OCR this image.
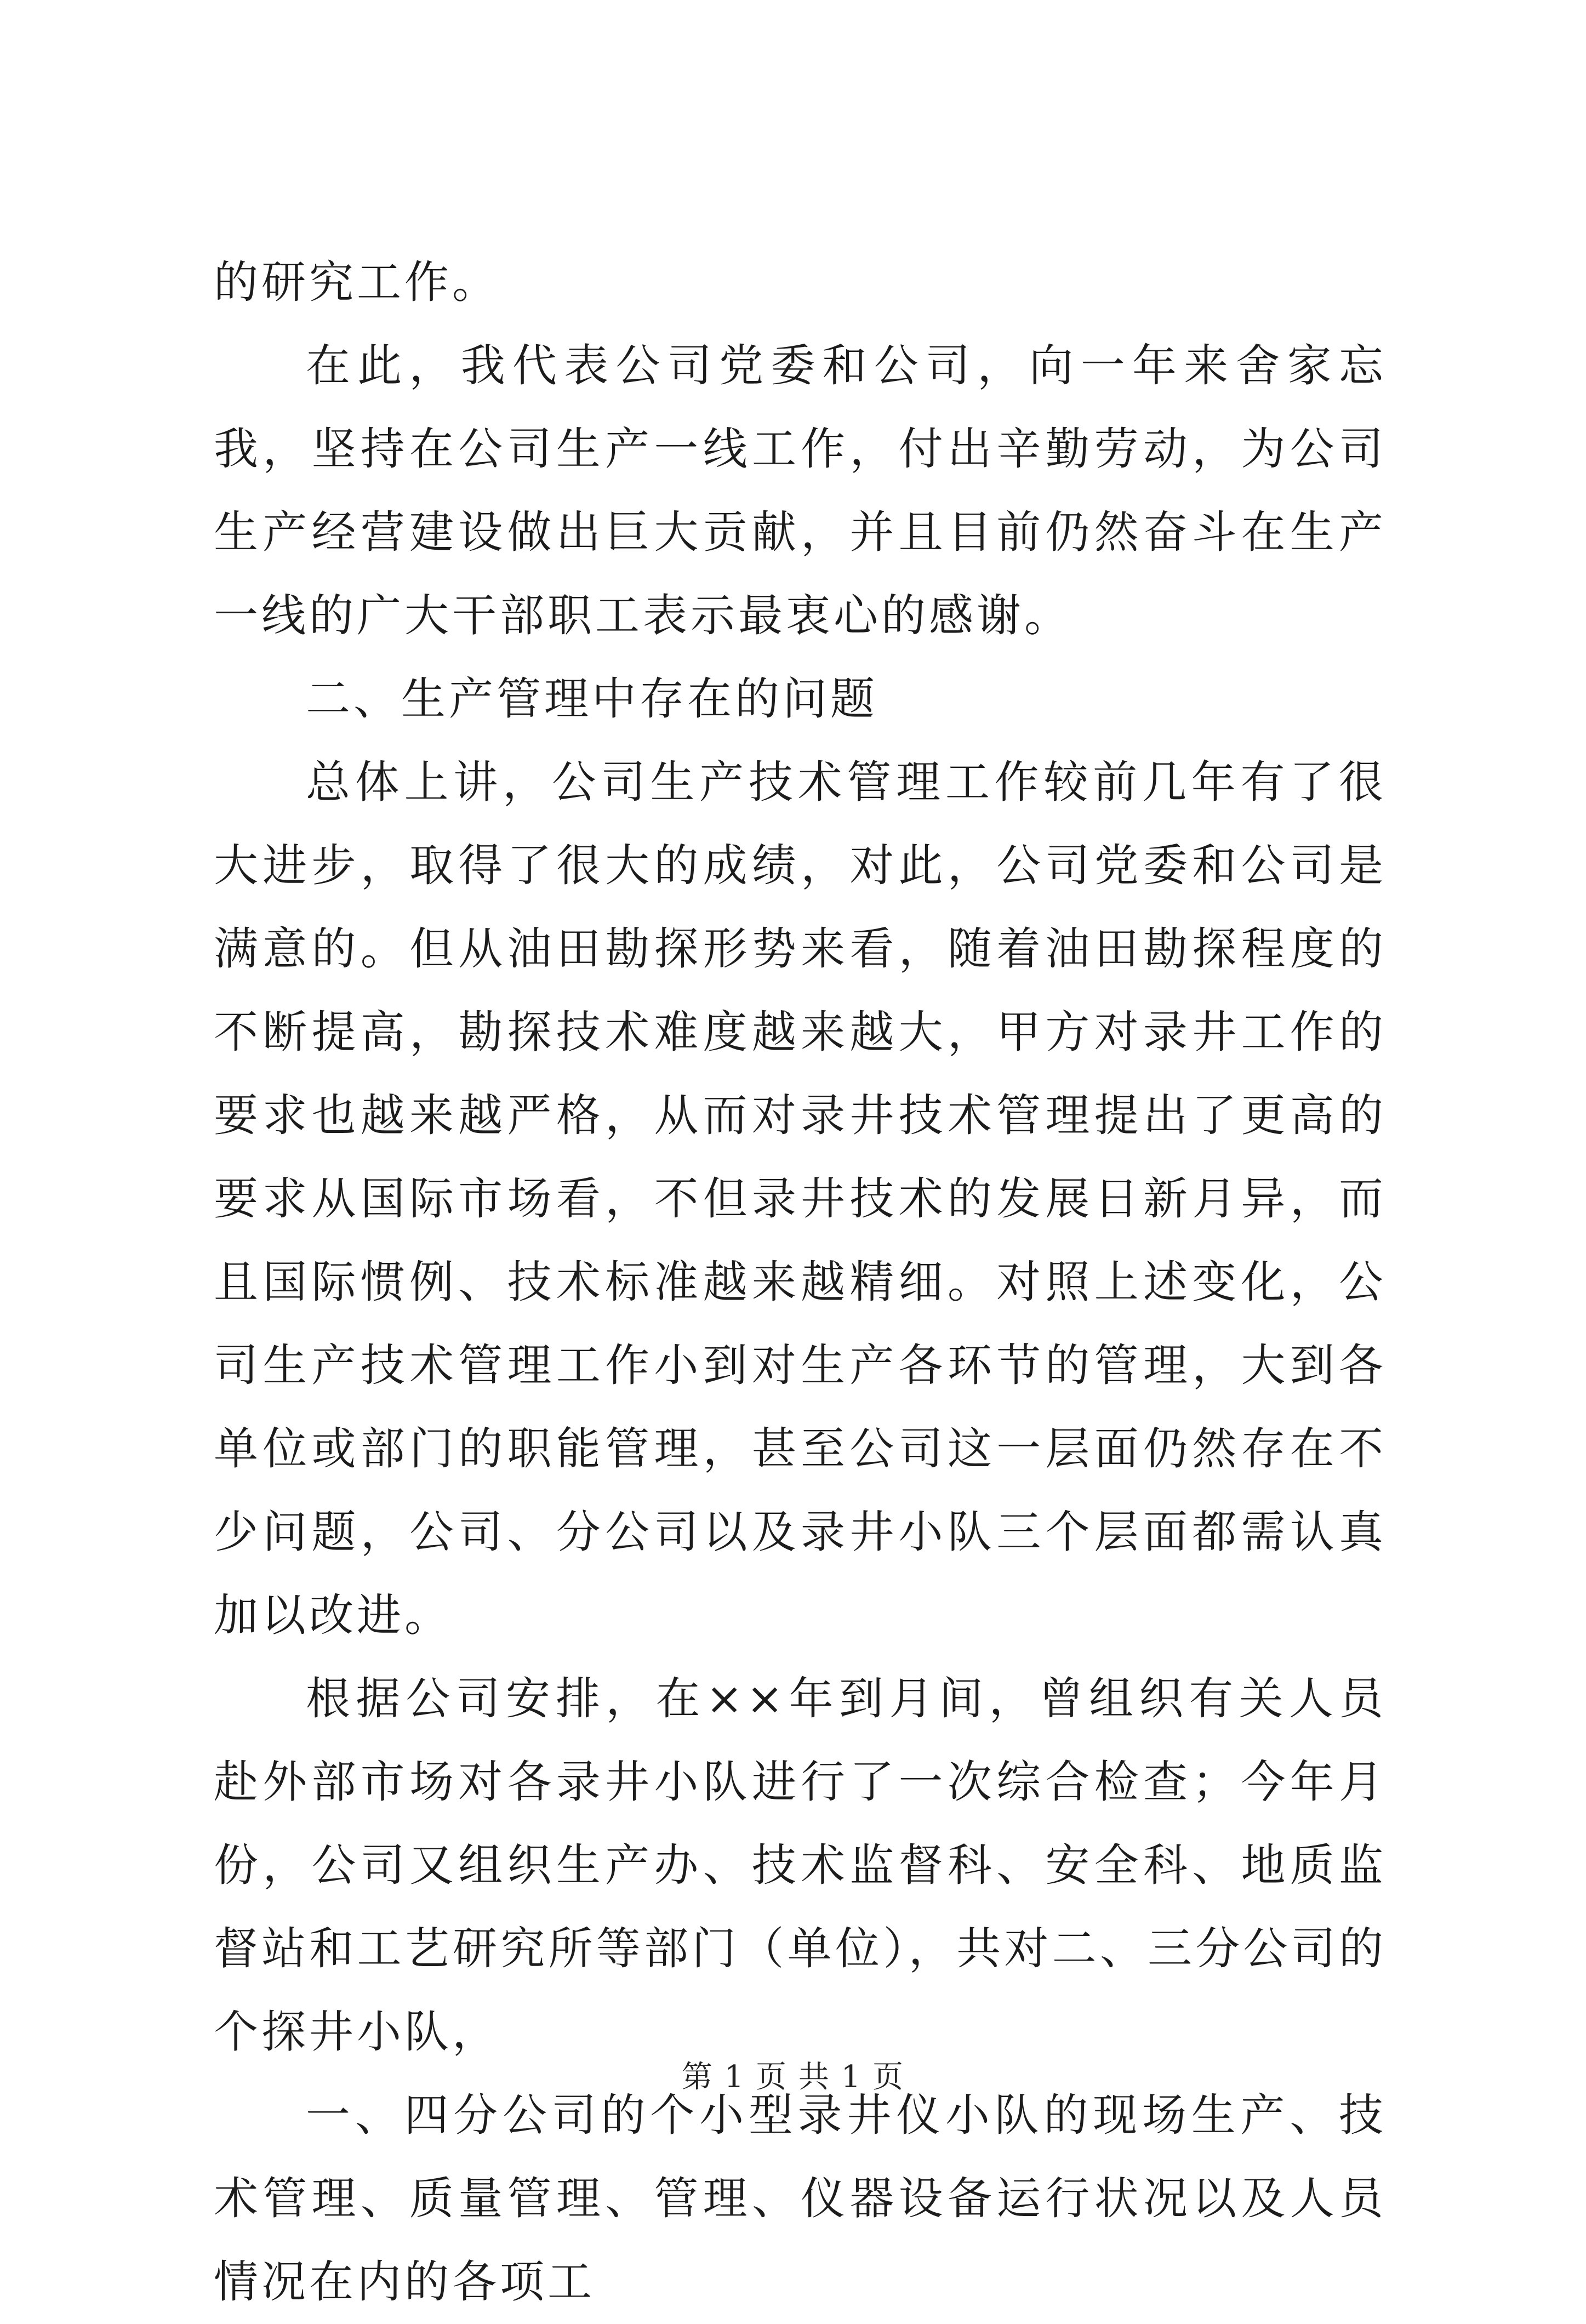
的研究工作。

在此，我代表公司党委和公司，向一年来舍家忘我，坚持在公司生产一线工作，付出辛勤劳动，为公司生产经营建设做出巨大贡献，并且目前仍然奋斗在生产一线的广大干部职工表示最衷心的感谢。

二、生产管理中存在的问题

总体上讲，公司生产技术管理工作较前几年有了很大进步，取得了很大的成绩，对此，公司党委和公司是满意的。但从油田勘探形势来看，随着油田勘探程度的不断提高，勘探技术难度越来越大，甲方对录井工作的要求也越来越严格，从而对录井技术管理提出了更高的要求从国际市场看，不但录井技术的发展日新月异，而且国际惯例、技术标准越来越精细。对照上述变化，公司生产技术管理工作小到对生产各环节的管理，大到各单位或部门的职能管理，甚至公司这一层面仍然存在不少问题，公司、分公司以及录井小队三个层面都需认真加以改进。

根据公司安排，在××年到月间，曾组织有关人员赴外部市场对各录井小队进行了一次综合检查；今年月份，公司又组织生产办、技术监督科、安全科、地质监督站和工艺研究所等部门（单位），共对二、三分公司的个探井小队，

一、四分公司的个小型录井仪小队的现场生产、技术管理、质量管理、管理、仪器设备运行状况以及人员情况在内的各项工

第 1 页 共 1 页
